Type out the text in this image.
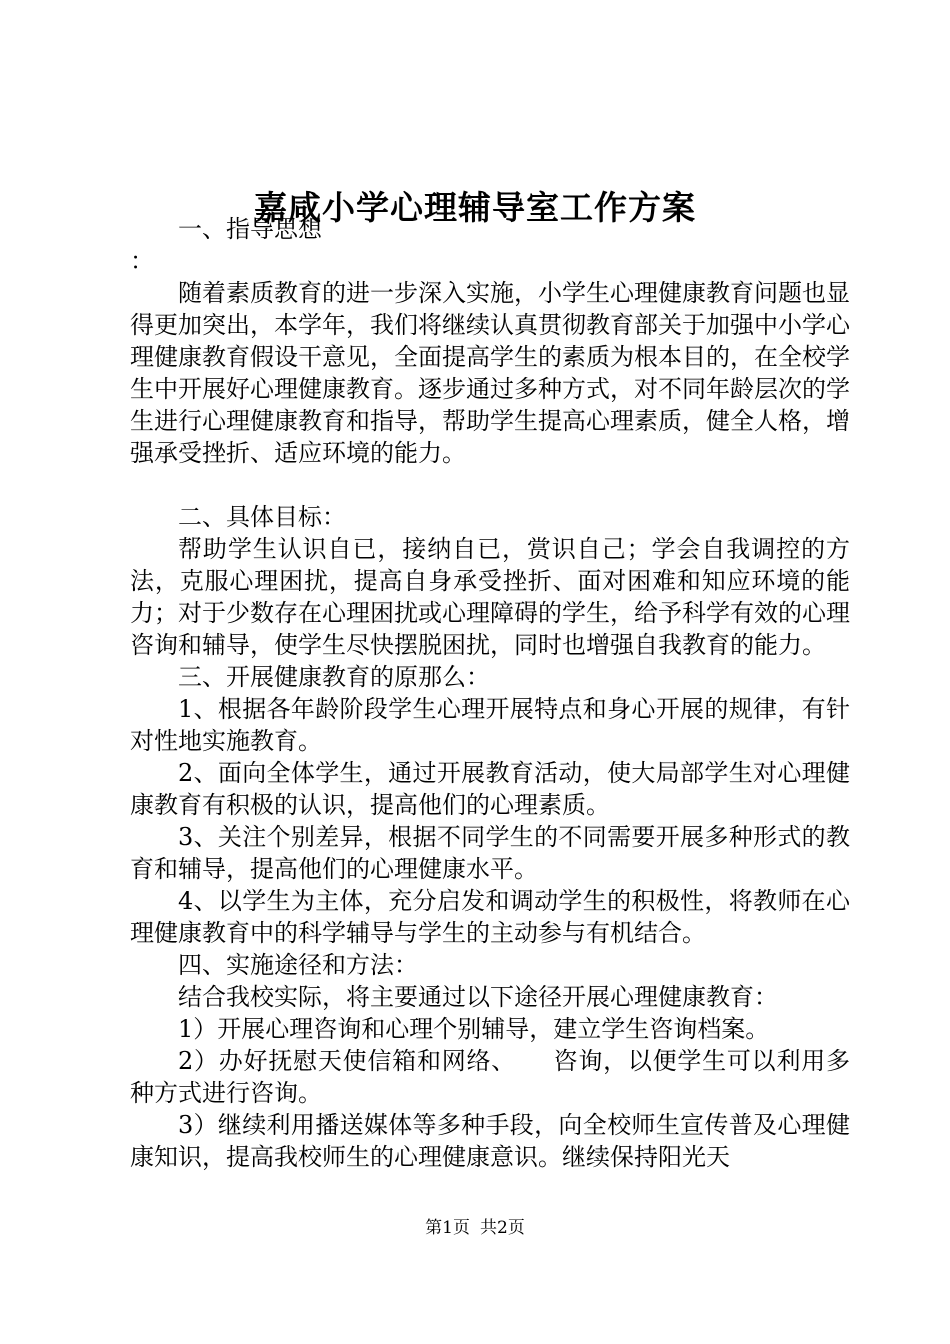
嘉咸小学心理辅导室工作方案

一、指导思想

：

随着素质教育的进一步深入实施，小学生心理健康教育问题也显得更加突出，本学年，我们将继续认真贯彻教育部关于加强中小学心理健康教育假设干意见，全面提高学生的素质为根本目的，在全校学生中开展好心理健康教育。逐步通过多种方式，对不同年龄层次的学生进行心理健康教育和指导，帮助学生提高心理素质，健全人格，增强承受挫折、适应环境的能力。

二、具体目标：

帮助学生认识自已，接纳自已，赏识自己；学会自我调控的方法，克服心理困扰，提高自身承受挫折、面对困难和知应环境的能力；对于少数存在心理困扰或心理障碍的学生，给予科学有效的心理咨询和辅导，使学生尽快摆脱困扰，同时也增强自我教育的能力。

三、开展健康教育的原那么：

1、根据各年龄阶段学生心理开展特点和身心开展的规律，有针对性地实施教育。

2、面向全体学生，通过开展教育活动，使大局部学生对心理健康教育有积极的认识，提高他们的心理素质。

3、关注个别差异，根据不同学生的不同需要开展多种形式的教育和辅导，提高他们的心理健康水平。

4、以学生为主体，充分启发和调动学生的积极性，将教师在心理健康教育中的科学辅导与学生的主动参与有机结合。

四、实施途径和方法：

结合我校实际，将主要通过以下途径开展心理健康教育：

1）开展心理咨询和心理个别辅导，建立学生咨询档案。

2）办好抚慰天使信箱和网络、　　咨询，以便学生可以利用多种方式进行咨询。

3）继续利用播送媒体等多种手段，向全校师生宣传普及心理健康知识，提高我校师生的心理健康意识。继续保持阳光天

第1页 共2页
